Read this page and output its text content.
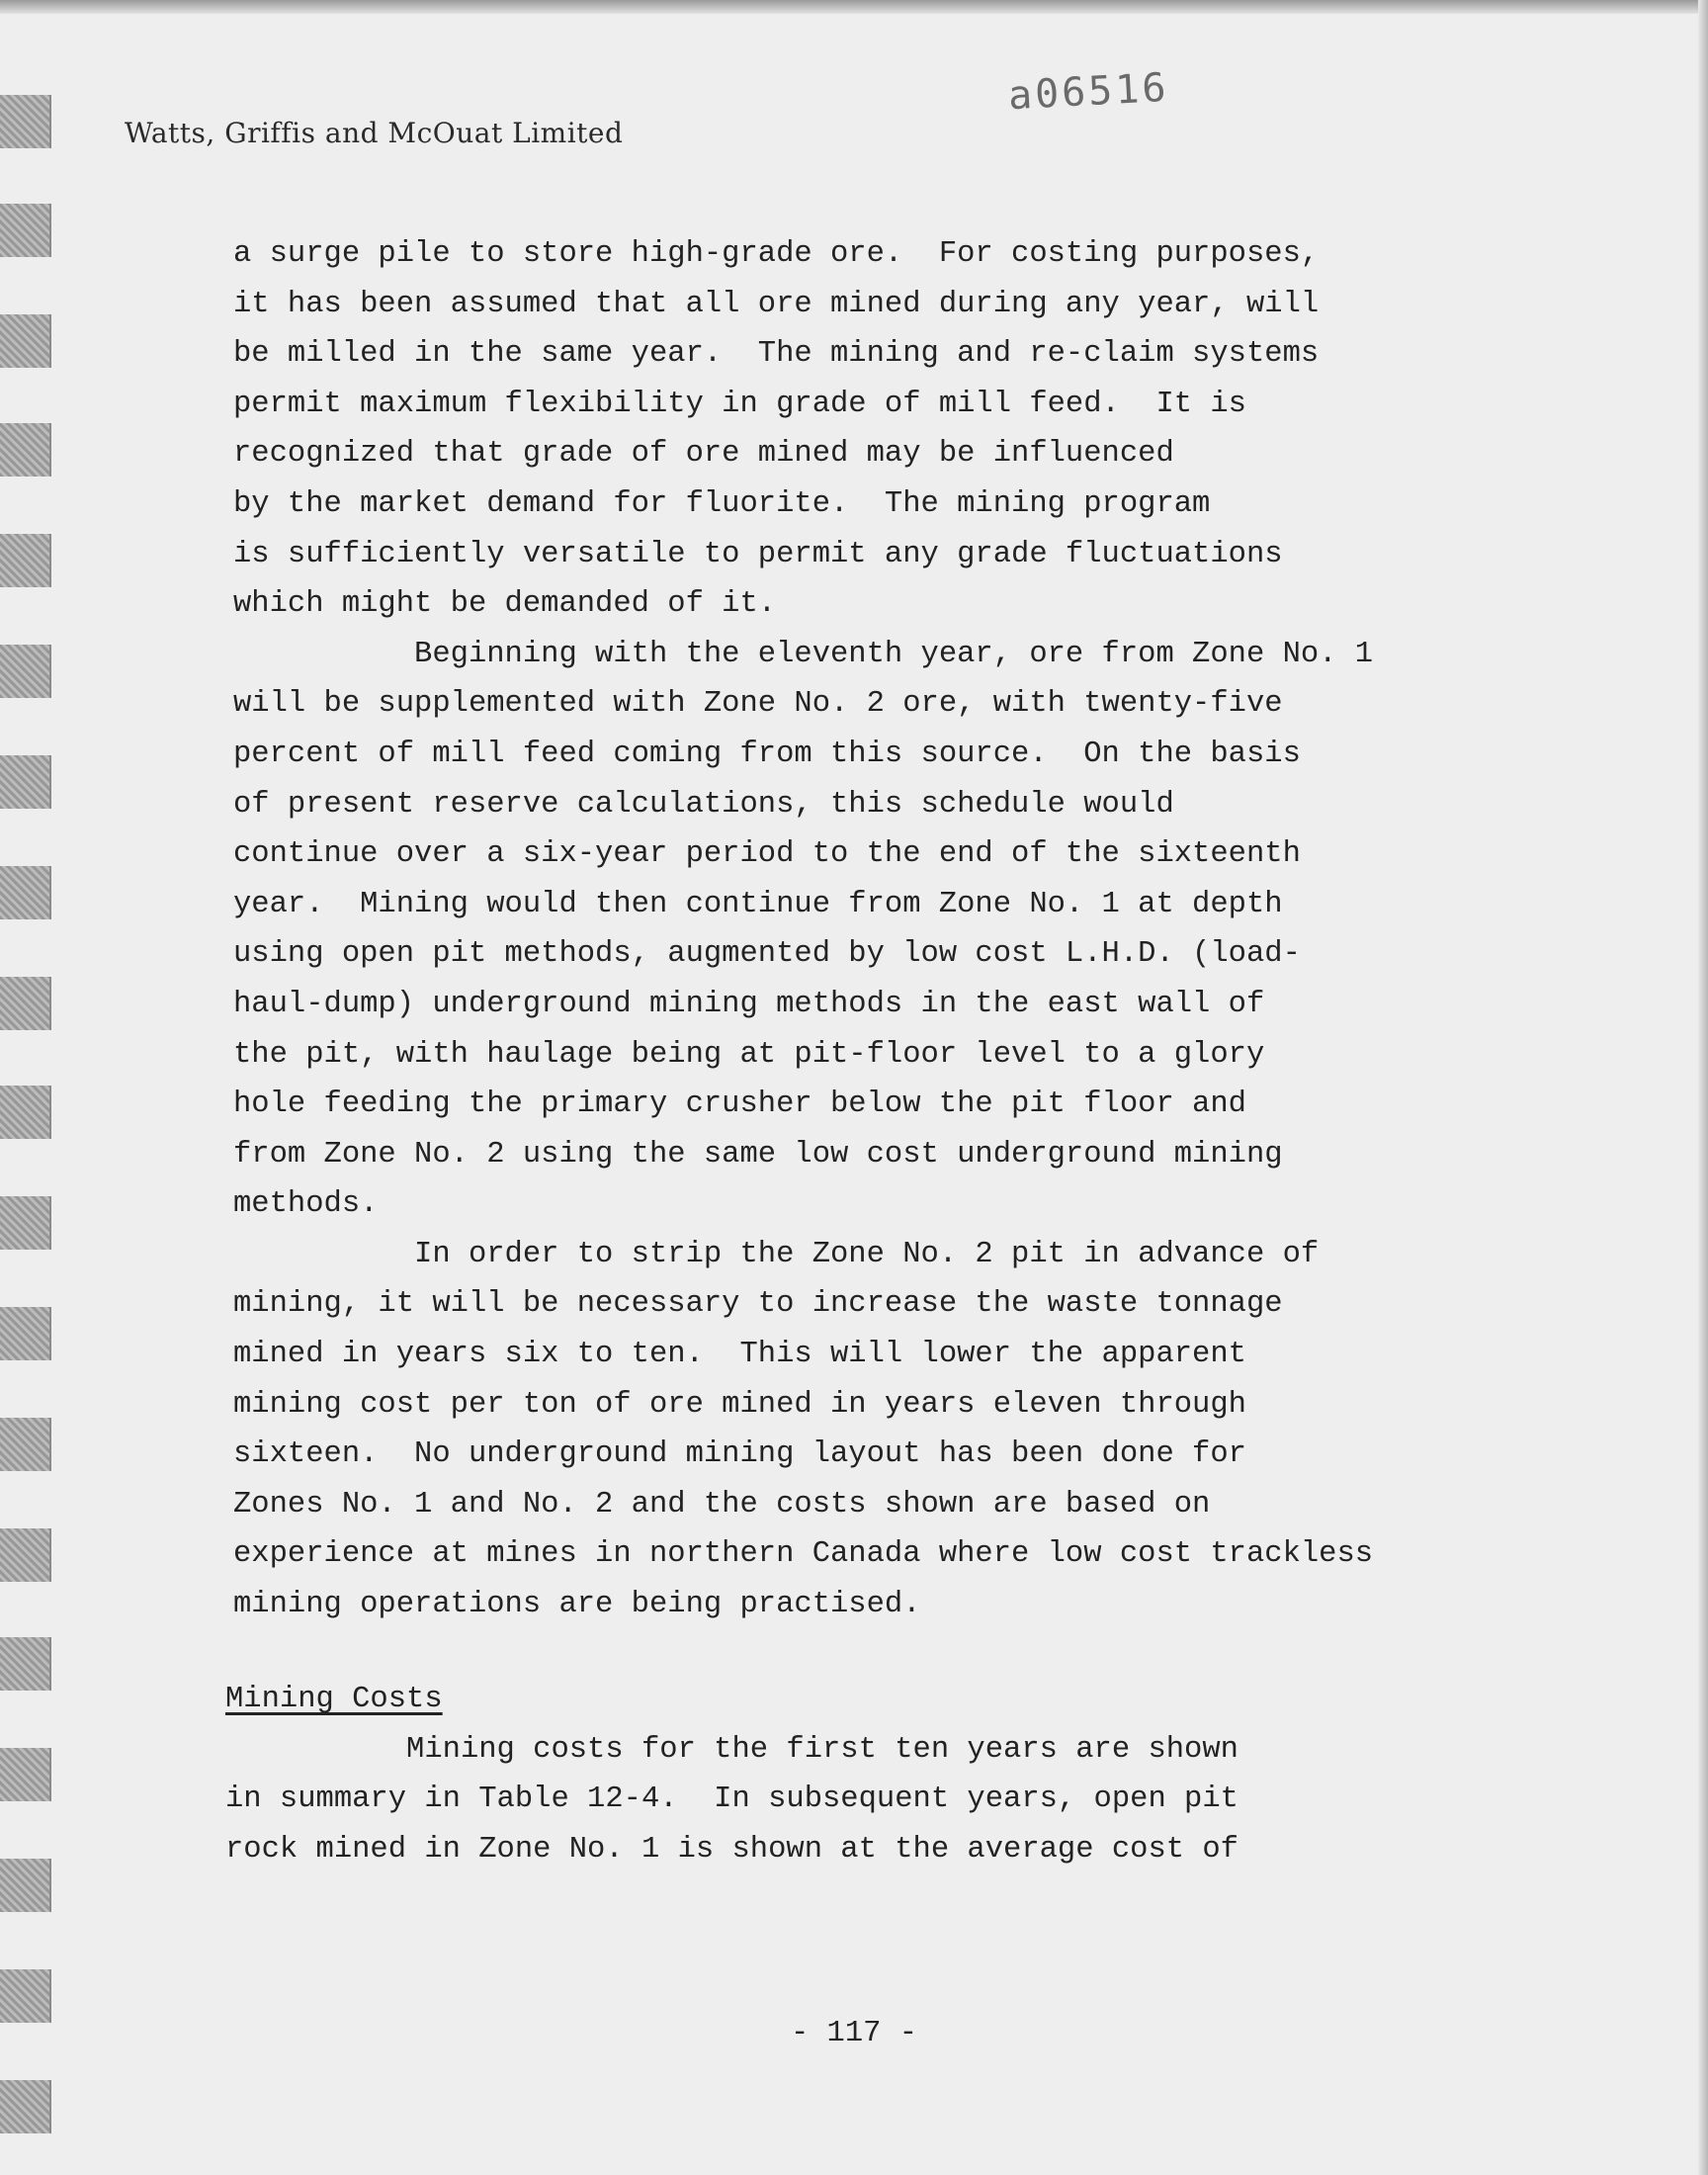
Watts, Griffis and McOuat Limited
a06516
a surge pile to store high-grade ore.  For costing purposes,
it has been assumed that all ore mined during any year, will
be milled in the same year.  The mining and re-claim systems
permit maximum flexibility in grade of mill feed.  It is
recognized that grade of ore mined may be influenced
by the market demand for fluorite.  The mining program
is sufficiently versatile to permit any grade fluctuations
which might be demanded of it.
Beginning with the eleventh year, ore from Zone No. 1
will be supplemented with Zone No. 2 ore, with twenty-five
percent of mill feed coming from this source.  On the basis
of present reserve calculations, this schedule would
continue over a six-year period to the end of the sixteenth
year.  Mining would then continue from Zone No. 1 at depth
using open pit methods, augmented by low cost L.H.D. (load-
haul-dump) underground mining methods in the east wall of
the pit, with haulage being at pit-floor level to a glory
hole feeding the primary crusher below the pit floor and
from Zone No. 2 using the same low cost underground mining
methods.
In order to strip the Zone No. 2 pit in advance of
mining, it will be necessary to increase the waste tonnage
mined in years six to ten.  This will lower the apparent
mining cost per ton of ore mined in years eleven through
sixteen.  No underground mining layout has been done for
Zones No. 1 and No. 2 and the costs shown are based on
experience at mines in northern Canada where low cost trackless
mining operations are being practised.
Mining Costs
Mining costs for the first ten years are shown
in summary in Table 12-4.  In subsequent years, open pit
rock mined in Zone No. 1 is shown at the average cost of
- 117 -
